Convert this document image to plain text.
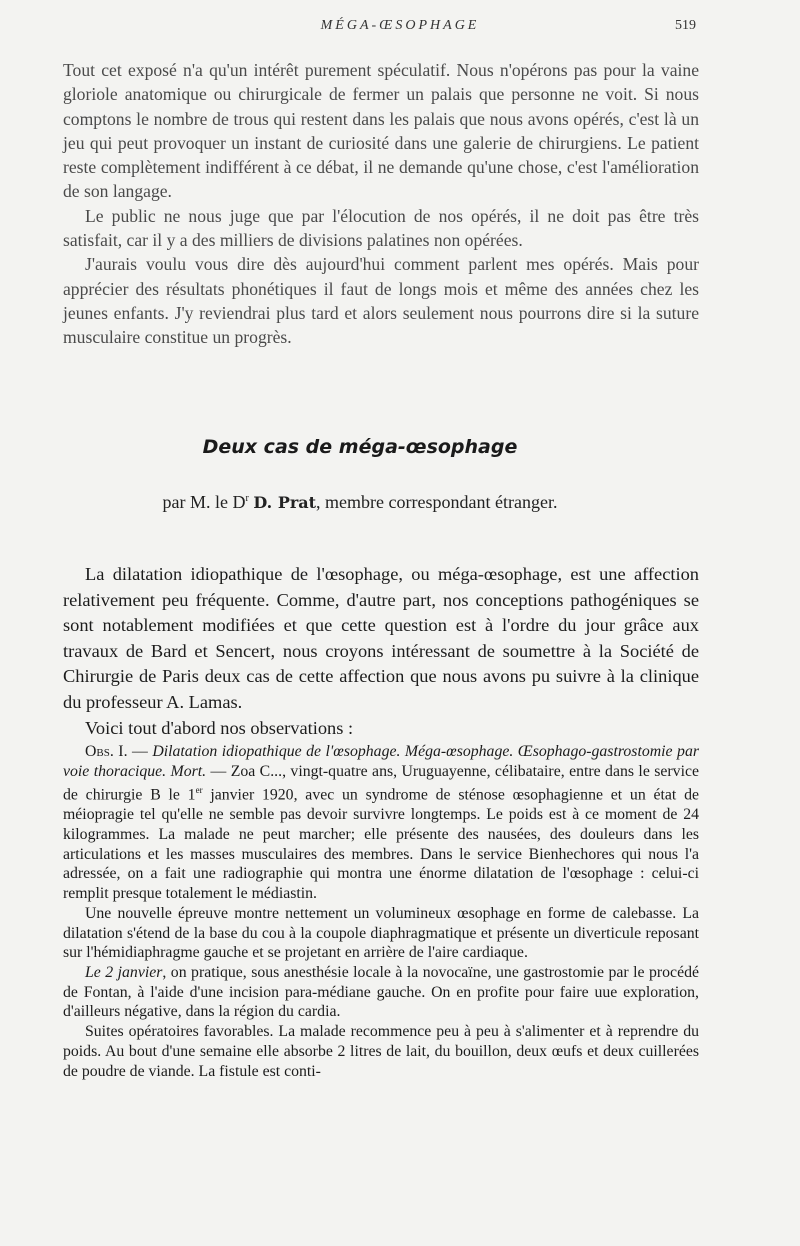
MÉGA-ŒSOPHAGE	519

Tout cet exposé n'a qu'un intérêt purement spéculatif. Nous n'opérons pas pour la vaine gloriole anatomique ou chirurgicale de fermer un palais que personne ne voit. Si nous comptons le nombre de trous qui restent dans les palais que nous avons opérés, c'est là un jeu qui peut provoquer un instant de curiosité dans une galerie de chirurgiens. Le patient reste complètement indifférent à ce débat, il ne demande qu'une chose, c'est l'amélioration de son langage.

Le public ne nous juge que par l'élocution de nos opérés, il ne doit pas être très satisfait, car il y a des milliers de divisions palatines non opérées.

J'aurais voulu vous dire dès aujourd'hui comment parlent mes opérés. Mais pour apprécier des résultats phonétiques il faut de longs mois et même des années chez les jeunes enfants. J'y reviendrai plus tard et alors seulement nous pourrons dire si la suture musculaire constitue un progrès.

Deux cas de méga-œsophage

par M. le $D^r$ D. Prat, membre correspondant étranger.

La dilatation idiopathique de l'œsophage, ou méga-œsophage, est une affection relativement peu fréquente. Comme, d'autre part, nos conceptions pathogéniques se sont notablement modifiées et que cette question est à l'ordre du jour grâce aux travaux de Bard et Sencert, nous croyons intéressant de soumettre à la Société de Chirurgie de Paris deux cas de cette affection que nous avons pu suivre à la clinique du professeur A. Lamas.

Voici tout d'abord nos observations :

Obs. I. — Dilatation idiopathique de l'œsophage. Méga-œsophage. Œsophago-gastrostomie par voie thoracique. Mort. — Zoa C..., vingt-quatre ans, Uruguayenne, célibataire, entre dans le service de chirurgie B le 1er janvier 1920, avec un syndrome de sténose œsophagienne et un état de méiopragie tel qu'elle ne semble pas devoir survivre longtemps. Le poids est à ce moment de 24 kilogrammes. La malade ne peut marcher; elle présente des nausées, des douleurs dans les articulations et les masses musculaires des membres. Dans le service Bienhechores qui nous l'a adressée, on a fait une radiographie qui montra une énorme dilatation de l'œsophage : celui-ci remplit presque totalement le médiastin.

Une nouvelle épreuve montre nettement un volumineux œsophage en forme de calebasse. La dilatation s'étend de la base du cou à la coupole diaphragmatique et présente un diverticule reposant sur l'hémidiaphragme gauche et se projetant en arrière de l'aire cardiaque.

Le 2 janvier, on pratique, sous anesthésie locale à la novocaïne, une gastrostomie par le procédé de Fontan, à l'aide d'une incision para-médiane gauche. On en profite pour faire uue exploration, d'ailleurs négative, dans la région du cardia.

Suites opératoires favorables. La malade recommence peu à peu à s'alimenter et à reprendre du poids. Au bout d'une semaine elle absorbe 2 litres de lait, du bouillon, deux œufs et deux cuillerées de poudre de viande. La fistule est conti-
